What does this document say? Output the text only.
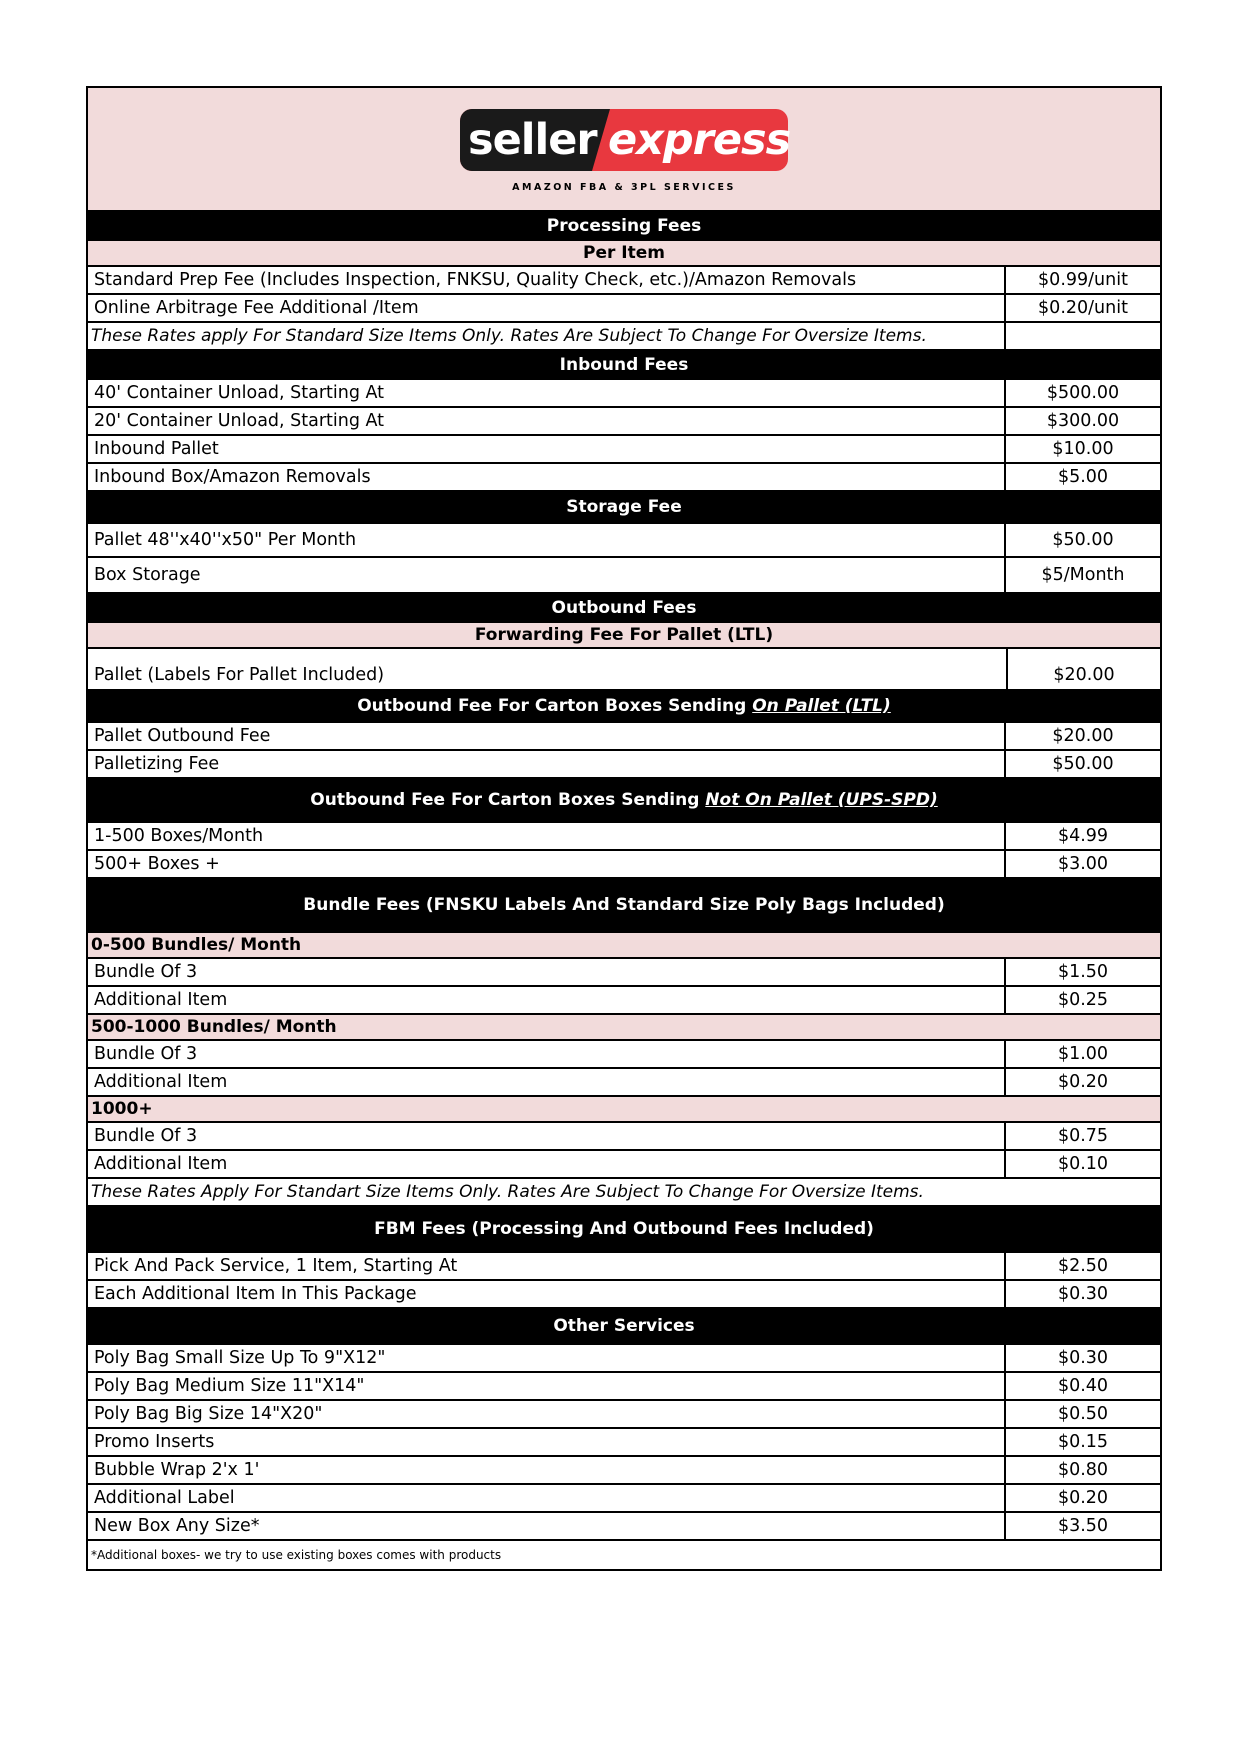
seller express
AMAZON FBA & 3PL SERVICES
Processing Fees
Per Item
Standard Prep Fee (Includes Inspection, FNKSU, Quality Check, etc.)/Amazon Removals	$0.99/unit
Online Arbitrage Fee Additional /Item	$0.20/unit
These Rates apply For Standard Size Items Only. Rates Are Subject To Change For Oversize Items.
Inbound Fees
40' Container Unload, Starting At	$500.00
20' Container Unload, Starting At	$300.00
Inbound Pallet	$10.00
Inbound Box/Amazon Removals	$5.00
Storage Fee
Pallet 48''x40''x50" Per Month	$50.00
Box Storage	$5/Month
Outbound Fees
Forwarding Fee For Pallet (LTL)
Pallet (Labels For Pallet Included)	$20.00
Outbound Fee For Carton Boxes Sending On Pallet (LTL)
Pallet Outbound Fee	$20.00
Palletizing Fee	$50.00
Outbound Fee For Carton Boxes Sending Not On Pallet (UPS-SPD)
1-500 Boxes/Month	$4.99
500+ Boxes +	$3.00
Bundle Fees (FNSKU Labels And Standard Size Poly Bags Included)
0-500 Bundles/ Month
Bundle Of 3	$1.50
Additional Item	$0.25
500-1000 Bundles/ Month
Bundle Of 3	$1.00
Additional Item	$0.20
1000+
Bundle Of 3	$0.75
Additional Item	$0.10
These Rates Apply For Standart Size Items Only. Rates Are Subject To Change For Oversize Items.
FBM Fees (Processing And Outbound Fees Included)
Pick And Pack Service, 1 Item, Starting At	$2.50
Each Additional Item In This Package	$0.30
Other Services
Poly Bag Small Size Up To 9"X12"	$0.30
Poly Bag Medium Size 11"X14"	$0.40
Poly Bag Big Size 14"X20"	$0.50
Promo Inserts	$0.15
Bubble Wrap 2'x 1'	$0.80
Additional Label	$0.20
New Box Any Size*	$3.50
*Additional boxes- we try to use existing boxes comes with products
